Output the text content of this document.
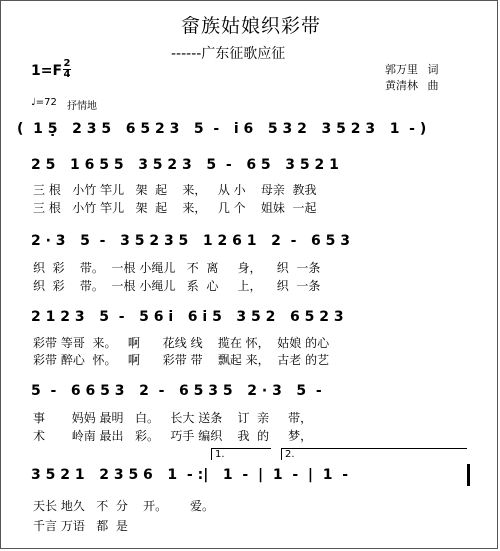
畲族姑娘织彩带
------广东征歌应征
1=F 2
4	郭万里 词
黄清林 曲
♩=72 抒情地
(  1 5̣   2 3 5   6 5 2 3   5  -   i 6   5 3 2   3 5 2 3   1  - )
2 5   1 6 5 5   3 5 2 3   5  -   6 5   3 5 2 1
三 根   小竹 竿儿   架  起    来，   从 小    母亲  教我
三 根   小竹 竿儿   架  起    来，   几 个    姐妹  一起
2 · 3   5  -   3 5 2 3 5   1 2 6 1   2  -   6 5 3
织  彩    带。  一根 小绳儿   不  离     身，    织  一条
织  彩    带。  一根 小绳儿   系  心     上，    织  一条
2 1 2 3   5  -   5 6 i   6 i 5   3 5 2   6 5 2 3
彩带 等哥  来。   啊      花线 线    揽在 怀，  姑娘 的心
彩带 醉心  怀。   啊      彩带 带    飘起 来，  古老 的艺
5  -   6 6 5 3   2  -   6 5 3 5   2 · 3   5  -
事       妈妈 最明   白。   长大 送条    订  亲     带，
术       岭南 最出   彩。   巧手 编织    我  的     梦，
1.	2.
3 5 2 1   2 3 5 6   1  - :|   1  -  |  1  -  |  1  -
天长 地久   不  分    开。      爱。
千言 万语   都  是
